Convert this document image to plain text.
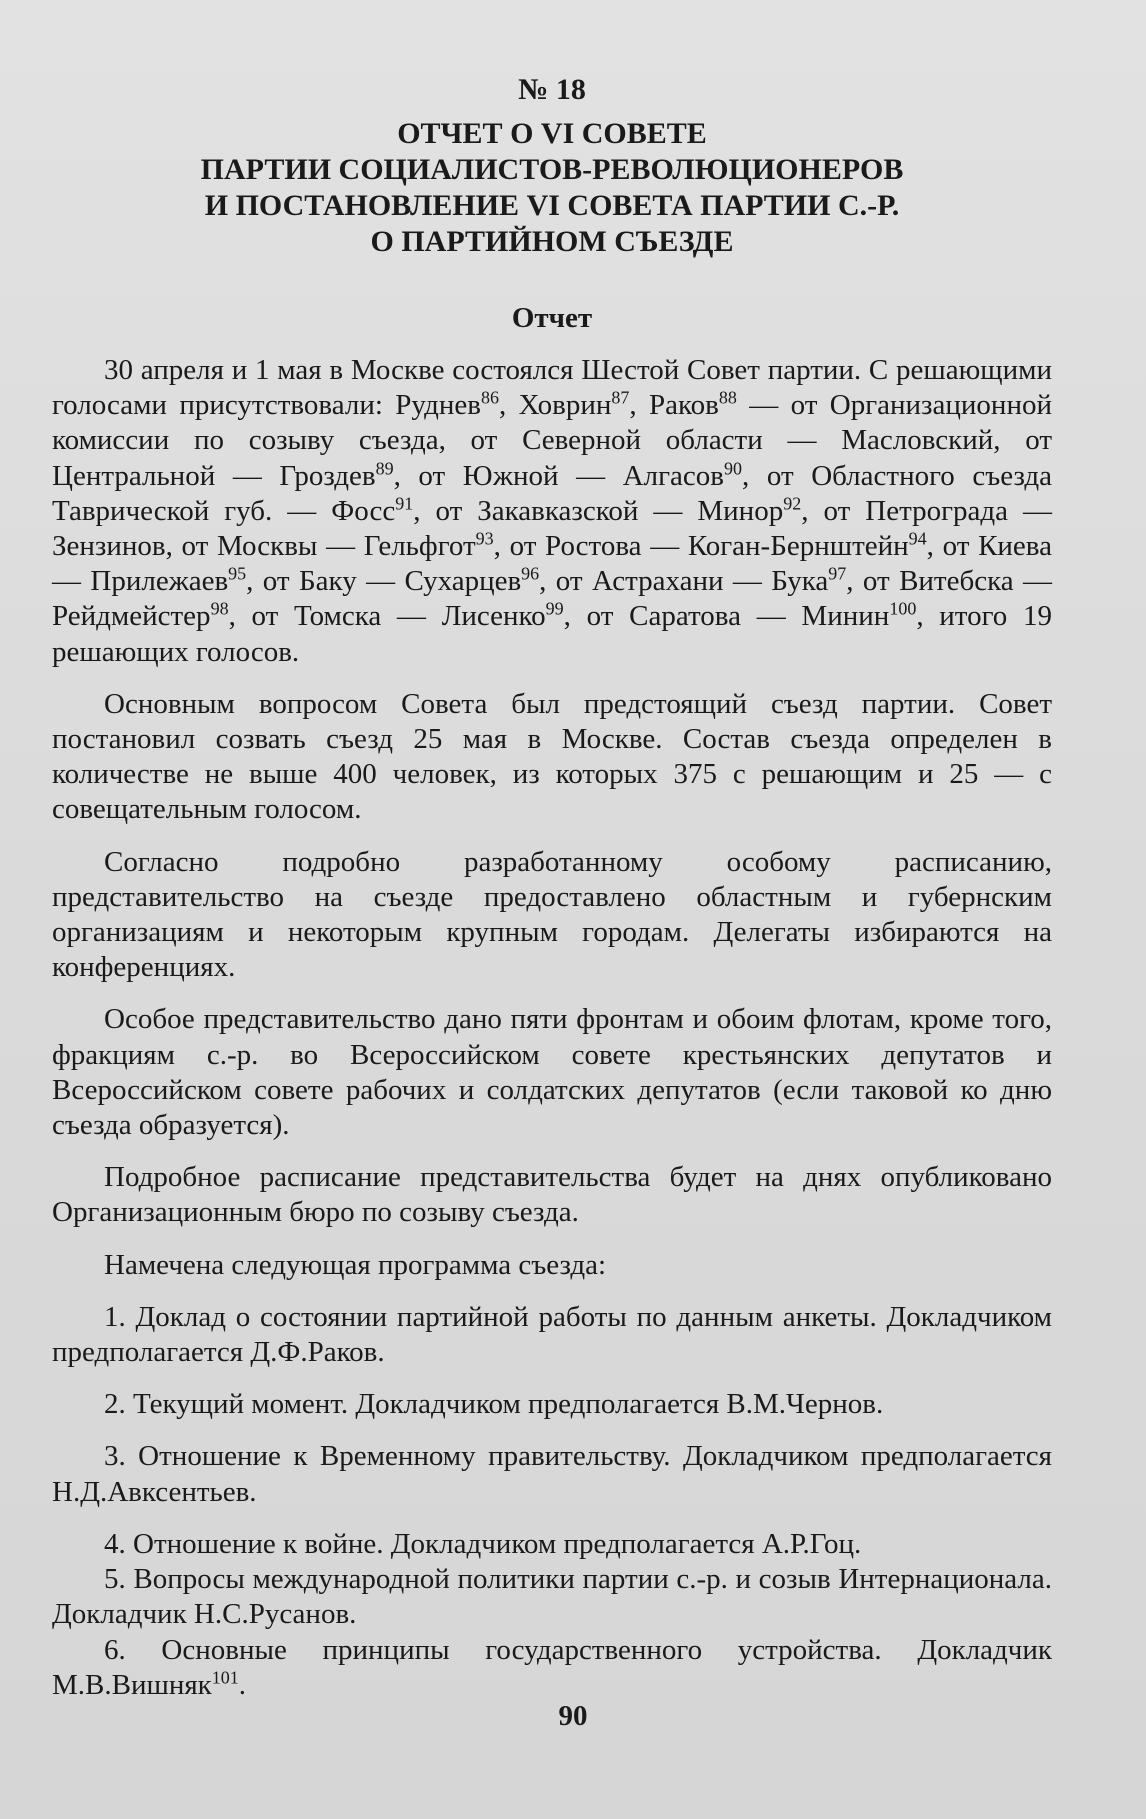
№ 18
ОТЧЕТ О VI СОВЕТЕ
ПАРТИИ СОЦИАЛИСТОВ-РЕВОЛЮЦИОНЕРОВ
И ПОСТАНОВЛЕНИЕ VI СОВЕТА ПАРТИИ С.-Р.
О ПАРТИЙНОМ СЪЕЗДЕ
Отчет

30 апреля и 1 мая в Москве состоялся Шестой Совет партии. С решающими голосами присутствовали: Руднев$^{86}$, Ховрин$^{87}$, Раков$^{88}$ — от Организационной комиссии по созыву съезда, от Северной области — Масловский, от Центральной — Гроздев$^{89}$, от Южной — Алгасов$^{90}$, от Областного съезда Таврической губ. — Фосс$^{91}$, от Закавказской — Минор$^{92}$, от Петрограда — Зензинов, от Москвы — Гельфгот$^{93}$, от Ростова — Коган-Бернштейн$^{94}$, от Киева — Прилежаев$^{95}$, от Баку — Сухарцев$^{96}$, от Астрахани — Бука$^{97}$, от Витебска — Рейдмейстер$^{98}$, от Томска — Лисенко$^{99}$, от Саратова — Минин$^{100}$, итого 19 решающих голосов.

Основным вопросом Совета был предстоящий съезд партии. Совет постановил созвать съезд 25 мая в Москве. Состав съезда определен в количестве не выше 400 человек, из которых 375 с решающим и 25 — с совещательным голосом.

Согласно подробно разработанному особому расписанию, представительство на съезде предоставлено областным и губернским организациям и некоторым крупным городам. Делегаты избираются на конференциях.

Особое представительство дано пяти фронтам и обоим флотам, кроме того, фракциям с.-р. во Всероссийском совете крестьянских депутатов и Всероссийском совете рабочих и солдатских депутатов (если таковой ко дню съезда образуется).

Подробное расписание представительства будет на днях опубликовано Организационным бюро по созыву съезда.

Намечена следующая программа съезда:

1. Доклад о состоянии партийной работы по данным анкеты. Докладчиком предполагается Д.Ф.Раков.

2. Текущий момент. Докладчиком предполагается В.М.Чернов.

3. Отношение к Временному правительству. Докладчиком предполагается Н.Д.Авксентьев.

4. Отношение к войне. Докладчиком предполагается А.Р.Гоц.

5. Вопросы международной политики партии с.-р. и созыв Интернационала. Докладчик Н.С.Русанов.

6. Основные принципы государственного устройства. Докладчик М.В.Вишняк$^{101}$.

90
